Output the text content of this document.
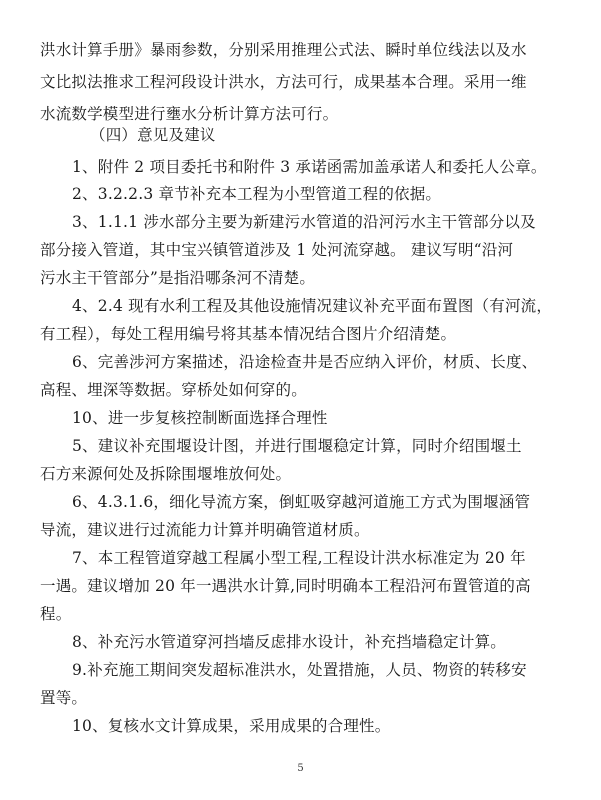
洪水计算手册》暴雨参数，分别采用推理公式法、瞬时单位线法以及水
文比拟法推求工程河段设计洪水，方法可行，成果基本合理。采用一维
水流数学模型进行壅水分析计算方法可行。
（四）意见及建议
1、附件 2 项目委托书和附件 3 承诺函需加盖承诺人和委托人公章。
2、3.2.2.3 章节补充本工程为小型管道工程的依据。
3、1.1.1 涉水部分主要为新建污水管道的沿河污水主干管部分以及
部分接入管道，其中宝兴镇管道涉及 1 处河流穿越。 建议写明“沿河
污水主干管部分”是指沿哪条河不清楚。
4、2.4 现有水利工程及其他设施情况建议补充平面布置图（有河流，
有工程），每处工程用编号将其基本情况结合图片介绍清楚。
6、完善涉河方案描述，沿途检查井是否应纳入评价，材质、长度、
高程、埋深等数据。穿桥处如何穿的。
10、进一步复核控制断面选择合理性
5、建议补充围堰设计图，并进行围堰稳定计算，同时介绍围堰土
石方来源何处及拆除围堰堆放何处。
6、4.3.1.6，细化导流方案，倒虹吸穿越河道施工方式为围堰涵管
导流，建议进行过流能力计算并明确管道材质。
7、本工程管道穿越工程属小型工程,工程设计洪水标准定为 20 年
一遇。建议增加 20 年一遇洪水计算,同时明确本工程沿河布置管道的高
程。
8、补充污水管道穿河挡墙反虑排水设计，补充挡墙稳定计算。
9.补充施工期间突发超标准洪水，处置措施，人员、物资的转移安
置等。
10、复核水文计算成果，采用成果的合理性。
5
